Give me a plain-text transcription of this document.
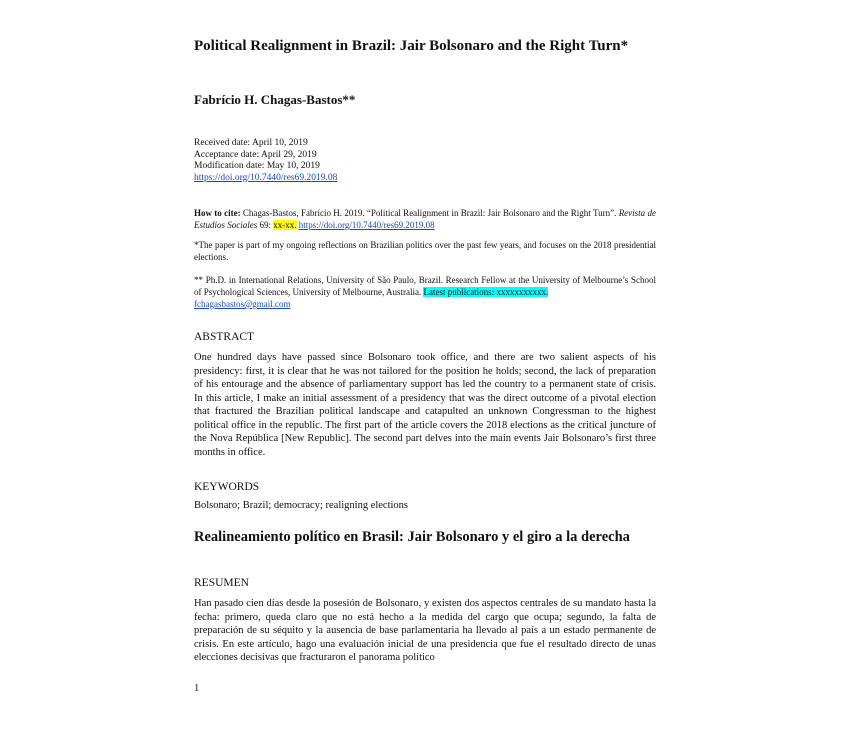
Political Realignment in Brazil: Jair Bolsonaro and the Right Turn*
Fabrício H. Chagas-Bastos**
Received date: April 10, 2019
Acceptance date: April 29, 2019
Modification date: May 10, 2019
https://doi.org/10.7440/res69.2019.08
How to cite: Chagas-Bastos, Fabrício H. 2019. “Political Realignment in Brazil: Jair Bolsonaro and the Right Turn”. Revista de Estudios Sociales 69: xx-xx. https://doi.org/10.7440/res69.2019.08
*The paper is part of my ongoing reflections on Brazilian politics over the past few years, and focuses on the 2018 presidential elections.
** Ph.D. in International Relations, University of São Paulo, Brazil. Research Fellow at the University of Melbourne’s School of Psychological Sciences, University of Melbourne, Australia. Latest publications: xxxxxxxxxxx.
fchagasbastos@gmail.com
ABSTRACT
One hundred days have passed since Bolsonaro took office, and there are two salient aspects of his presidency: first, it is clear that he was not tailored for the position he holds; second, the lack of preparation of his entourage and the absence of parliamentary support has led the country to a permanent state of crisis. In this article, I make an initial assessment of a presidency that was the direct outcome of a pivotal election that fractured the Brazilian political landscape and catapulted an unknown Congressman to the highest political office in the republic. The first part of the article covers the 2018 elections as the critical juncture of the Nova República [New Republic]. The second part delves into the main events Jair Bolsonaro’s first three months in office.
KEYWORDS
Bolsonaro; Brazil; democracy; realigning elections
Realineamiento político en Brasil: Jair Bolsonaro y el giro a la derecha
RESUMEN
Han pasado cien días desde la posesión de Bolsonaro, y existen dos aspectos centrales de su mandato hasta la fecha: primero, queda claro que no está hecho a la medida del cargo que ocupa; segundo, la falta de preparación de su séquito y la ausencia de base parlamentaria ha llevado al país a un estado permanente de crisis. En este artículo, hago una evaluación inicial de una presidencia que fue el resultado directo de unas elecciones decisivas que fracturaron el panorama político
1
